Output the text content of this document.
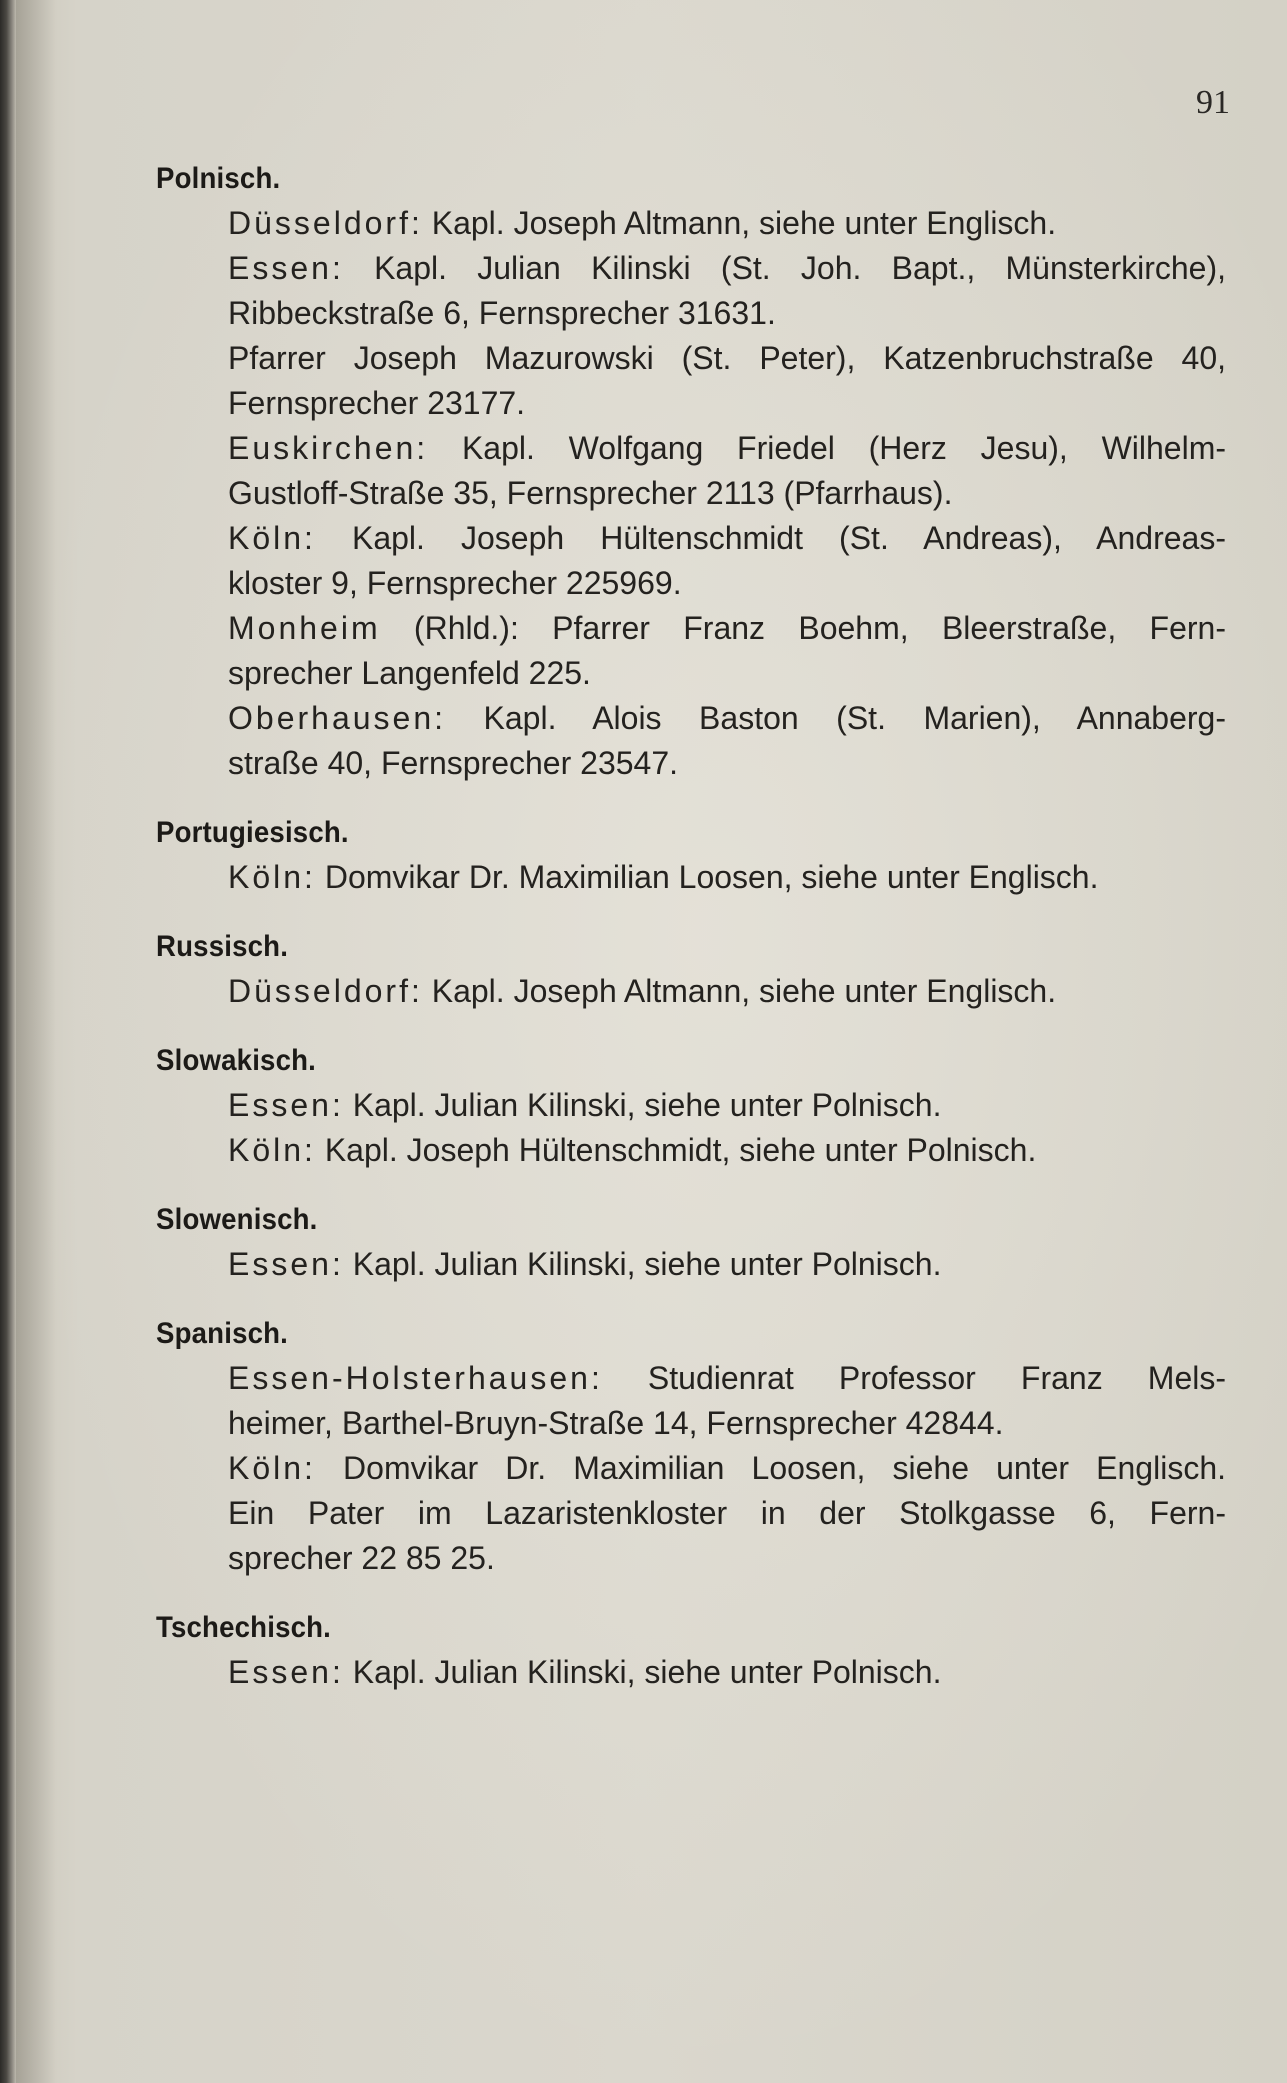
91
Polnisch.
Düsseldorf: Kapl. Joseph Altmann, siehe unter Englisch.
Essen: Kapl. Julian Kilinski (St. Joh. Bapt., Münsterkirche),
Ribbeckstraße 6, Fernsprecher 31631.
Pfarrer Joseph Mazurowski (St. Peter), Katzenbruchstraße 40,
Fernsprecher 23177.
Euskirchen: Kapl. Wolfgang Friedel (Herz Jesu), Wilhelm-
Gustloff-Straße 35, Fernsprecher 2113 (Pfarrhaus).
Köln: Kapl. Joseph Hültenschmidt (St. Andreas), Andreas-
kloster 9, Fernsprecher 225969.
Monheim (Rhld.): Pfarrer Franz Boehm, Bleerstraße, Fern-
sprecher Langenfeld 225.
Oberhausen: Kapl. Alois Baston (St. Marien), Annaberg-
straße 40, Fernsprecher 23547.
Portugiesisch.
Köln: Domvikar Dr. Maximilian Loosen, siehe unter Englisch.
Russisch.
Düsseldorf: Kapl. Joseph Altmann, siehe unter Englisch.
Slowakisch.
Essen: Kapl. Julian Kilinski, siehe unter Polnisch.
Köln: Kapl. Joseph Hültenschmidt, siehe unter Polnisch.
Slowenisch.
Essen: Kapl. Julian Kilinski, siehe unter Polnisch.
Spanisch.
Essen-Holsterhausen: Studienrat Professor Franz Mels-
heimer, Barthel-Bruyn-Straße 14, Fernsprecher 42844.
Köln: Domvikar Dr. Maximilian Loosen, siehe unter Englisch.
Ein Pater im Lazaristenkloster in der Stolkgasse 6, Fern-
sprecher 22 85 25.
Tschechisch.
Essen: Kapl. Julian Kilinski, siehe unter Polnisch.
